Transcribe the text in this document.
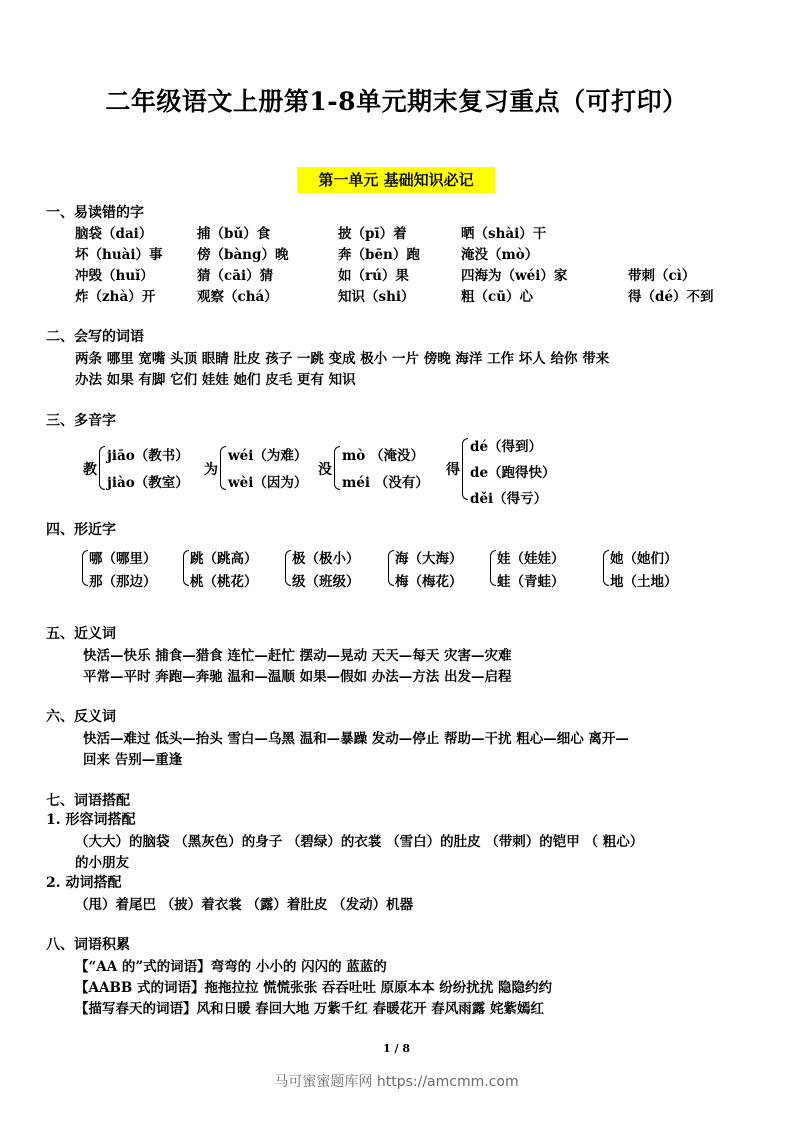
二年级语文上册第1-8单元期末复习重点（可打印）
第一单元 基础知识必记
一、易读错的字
脑袋（dai）	捕（bǔ）食	披（pī）着	晒（shài）干
坏（huài）事	傍（bàng）晚	奔（bēn）跑	淹没（mò）
冲毁（huǐ）	猜（cāi）猜	如（rú）果	四海为（wéi）家	带刺（cì）
炸（zhà）开	观察（chá）	知识（shi）	粗（cū）心	得（dé）不到
二、会写的词语
两条 哪里 宽嘴 头顶 眼睛 肚皮 孩子 一跳 变成 极小 一片 傍晚 海洋 工作 坏人 给你 带来
办法 如果 有脚 它们 娃娃 她们 皮毛 更有 知识
三、多音字
教
jiāo（教书）
jiào（教室）
为
wéi（为难）
wèi（因为）
没
mò （淹没）
méi （没有）
得
dé（得到）
de（跑得快）
děi（得亏）
四、形近字
哪（哪里）
那（那边）
跳（跳高）
桃（桃花）
极（极小）
级（班级）
海（大海）
梅（梅花）
娃（娃娃）
蛙（青蛙）
她（她们）
地（土地）
五、近义词
快活—快乐 捕食—猎食 连忙—赶忙 摆动—晃动 天天—每天 灾害—灾难
平常—平时 奔跑—奔驰 温和—温顺 如果—假如 办法—方法 出发—启程
六、反义词
快活—难过 低头—抬头 雪白—乌黑 温和—暴躁 发动—停止 帮助—干扰 粗心—细心 离开—
回来 告别—重逢
七、词语搭配
1. 形容词搭配
（大大）的脑袋 （黑灰色）的身子 （碧绿）的衣裳 （雪白）的肚皮 （带刺）的铠甲 （ 粗心）
的小朋友
2. 动词搭配
（甩）着尾巴 （披）着衣裳 （露）着肚皮 （发动）机器
八、词语积累
【“AA 的”式的词语】弯弯的 小小的 闪闪的 蓝蓝的
【AABB 式的词语】拖拖拉拉 慌慌张张 吞吞吐吐 原原本本 纷纷扰扰 隐隐约约
【描写春天的词语】风和日暖 春回大地 万紫千红 春暖花开 春风雨露 姹紫嫣红
1 / 8
马可蜜蜜题库网 https://amcmm.com
